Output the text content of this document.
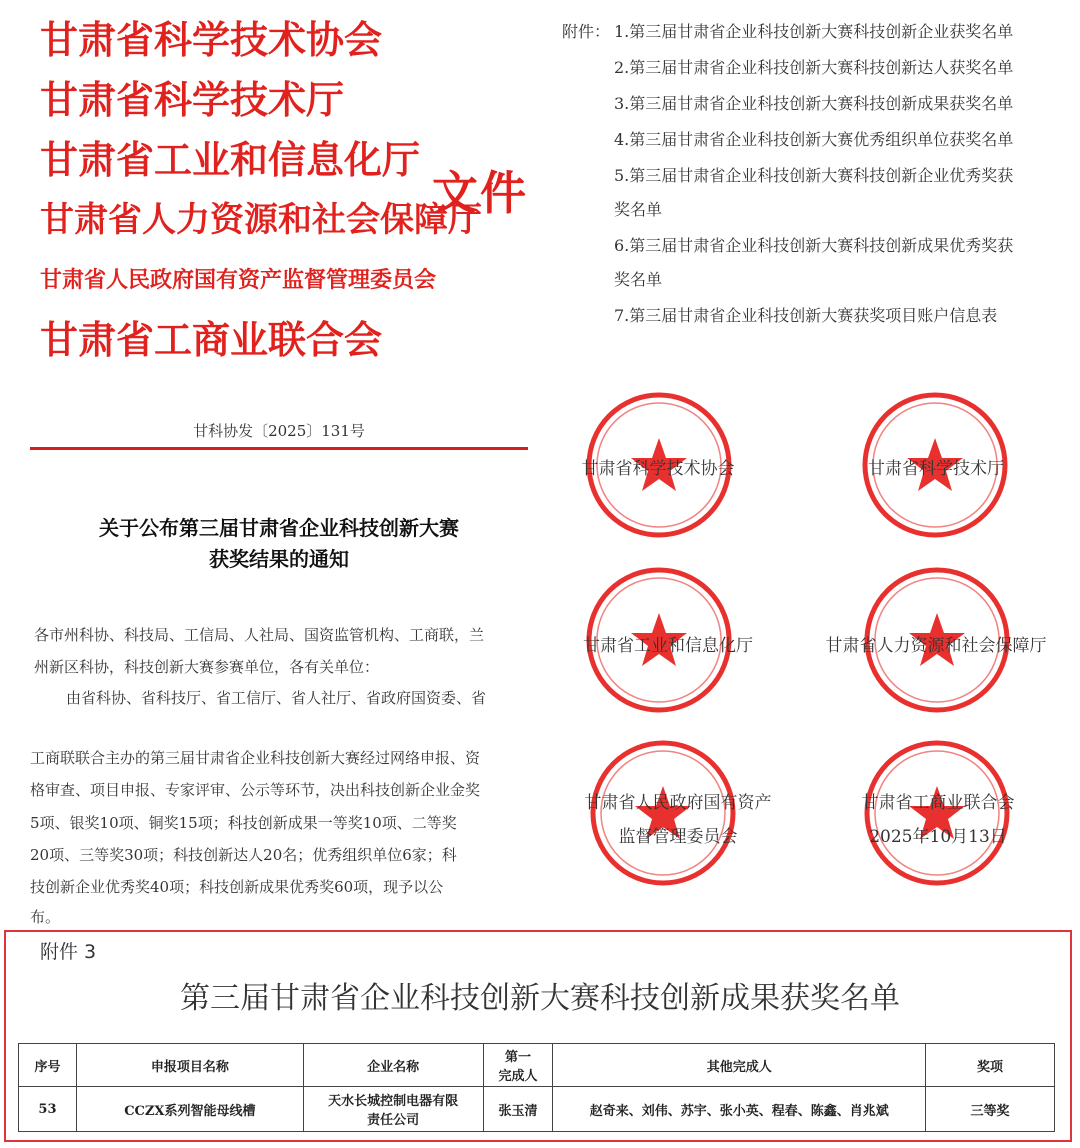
甘肃省科学技术协会
甘肃省科学技术厅
甘肃省工业和信息化厅
甘肃省人力资源和社会保障厅
甘肃省人民政府国有资产监督管理委员会
甘肃省工商业联合会
文件
附件： 1.第三届甘肃省企业科技创新大赛科技创新企业获奖名单
2.第三届甘肃省企业科技创新大赛科技创新达人获奖名单
3.第三届甘肃省企业科技创新大赛科技创新成果获奖名单
4.第三届甘肃省企业科技创新大赛优秀组织单位获奖名单
5.第三届甘肃省企业科技创新大赛科技创新企业优秀奖获
奖名单
6.第三届甘肃省企业科技创新大赛科技创新成果优秀奖获
奖名单
7.第三届甘肃省企业科技创新大赛获奖项目账户信息表
甘科协发〔2025〕131号
关于公布第三届甘肃省企业科技创新大赛
获奖结果的通知
各市州科协、科技局、工信局、人社局、国资监管机构、工商联，兰
州新区科协，科技创新大赛参赛单位，各有关单位：
由省科协、省科技厅、省工信厅、省人社厅、省政府国资委、省
工商联联合主办的第三届甘肃省企业科技创新大赛经过网络申报、资
格审查、项目申报、专家评审、公示等环节，决出科技创新企业金奖
5项、银奖10项、铜奖15项；科技创新成果一等奖10项、二等奖
20项、三等奖30项；科技创新达人20名；优秀组织单位6家；科
技创新企业优秀奖40项；科技创新成果优秀奖60项，现予以公
布。
甘肃省科学技术协会	甘肃省科学技术厅
甘肃省工业和信息化厅	甘肃省人力资源和社会保障厅
甘肃省人民政府国有资产
监督管理委员会
甘肃省工商业联合会
2025年10月13日
附件 3
第三届甘肃省企业科技创新大赛科技创新成果获奖名单
序号	申报项目名称	企业名称	第一
完成人	其他完成人	奖项
53	CCZX系列智能母线槽	天水长城控制电器有限
责任公司	张玉清	赵奇来、刘伟、苏宇、张小英、程春、陈鑫、肖兆斌	三等奖
